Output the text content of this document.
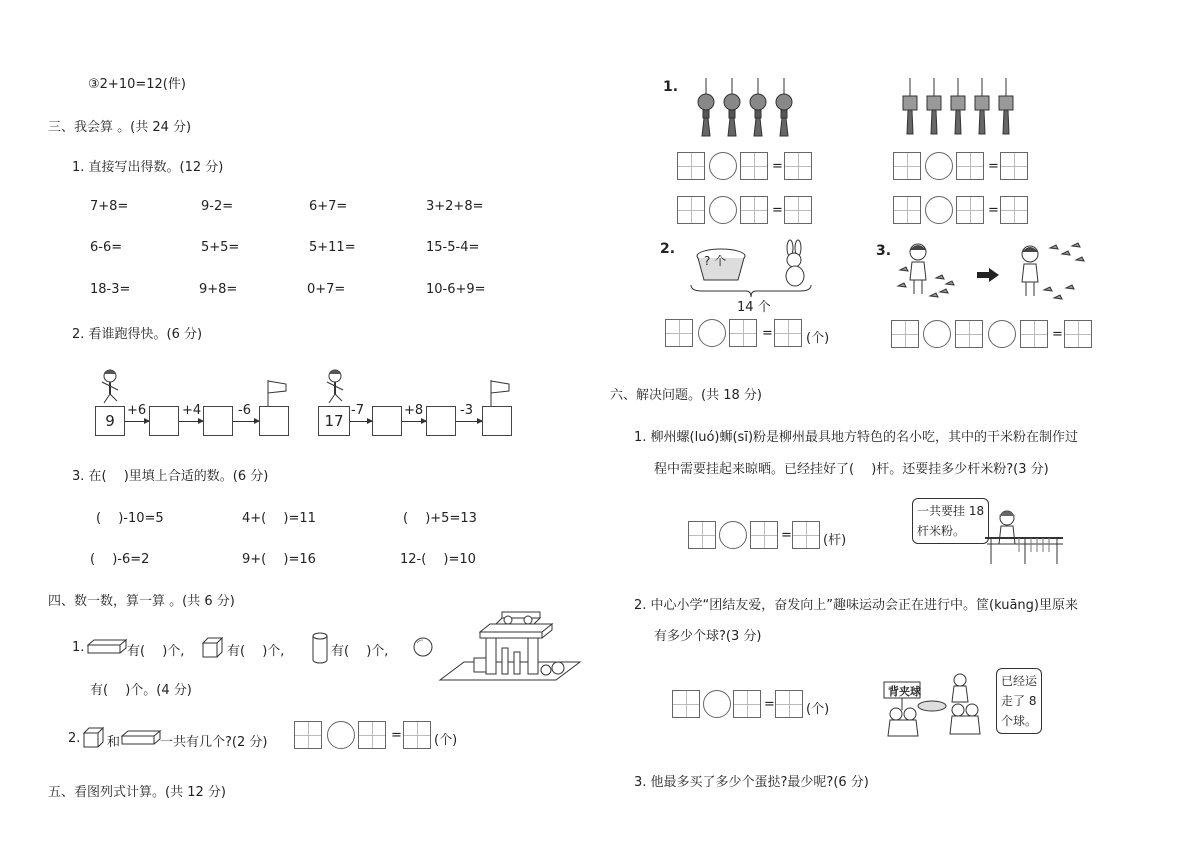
③2+10=12(件)
三、我会算 。(共 24 分)
1. 直接写出得数。(12 分)
7+8=	9-2=	6+7=	3+2+8=
6-6=	5+5=	5+11=	15-5-4=
18-3=	9+8=	0+7=	10-6+9=
2. 看谁跑得快。(6 分)
9
+6	+4	-6
17
-7	+8	-3
3. 在(　 )里填上合适的数。(6 分)
(　 )-10=5	4+(　 )=11	(　 )+5=13
(　 )-6=2	9+(　 )=16	12-(　 )=10
四、数一数，算一算 。(共 6 分)
1.	有(　 )个,	有(　 )个,	有(　 )个,
有(　 )个。(4 分)
2. 和	一共有几个?(2 分)	= (个)
五、看图列式计算。(共 12 分)
1.
=
=
=
=
2.
? 个
14 个
=	(个)
3.
=
六、解决问题。(共 18 分)
1. 柳州螺(luó)蛳(sī)粉是柳州最具地方特色的名小吃，其中的干米粉在制作过
程中需要挂起来晾晒。已经挂好了(　 )杆。还要挂多少杆米粉?(3 分)
= (杆)
一共要挂 18
杆米粉。
2. 中心小学“团结友爱，奋发向上”趣味运动会正在进行中。筐(kuāng)里原来
有多少个球?(3 分)
= (个)
背夹球
已经运
走了 8
个球。
3. 他最多买了多少个蛋挞?最少呢?(6 分)
